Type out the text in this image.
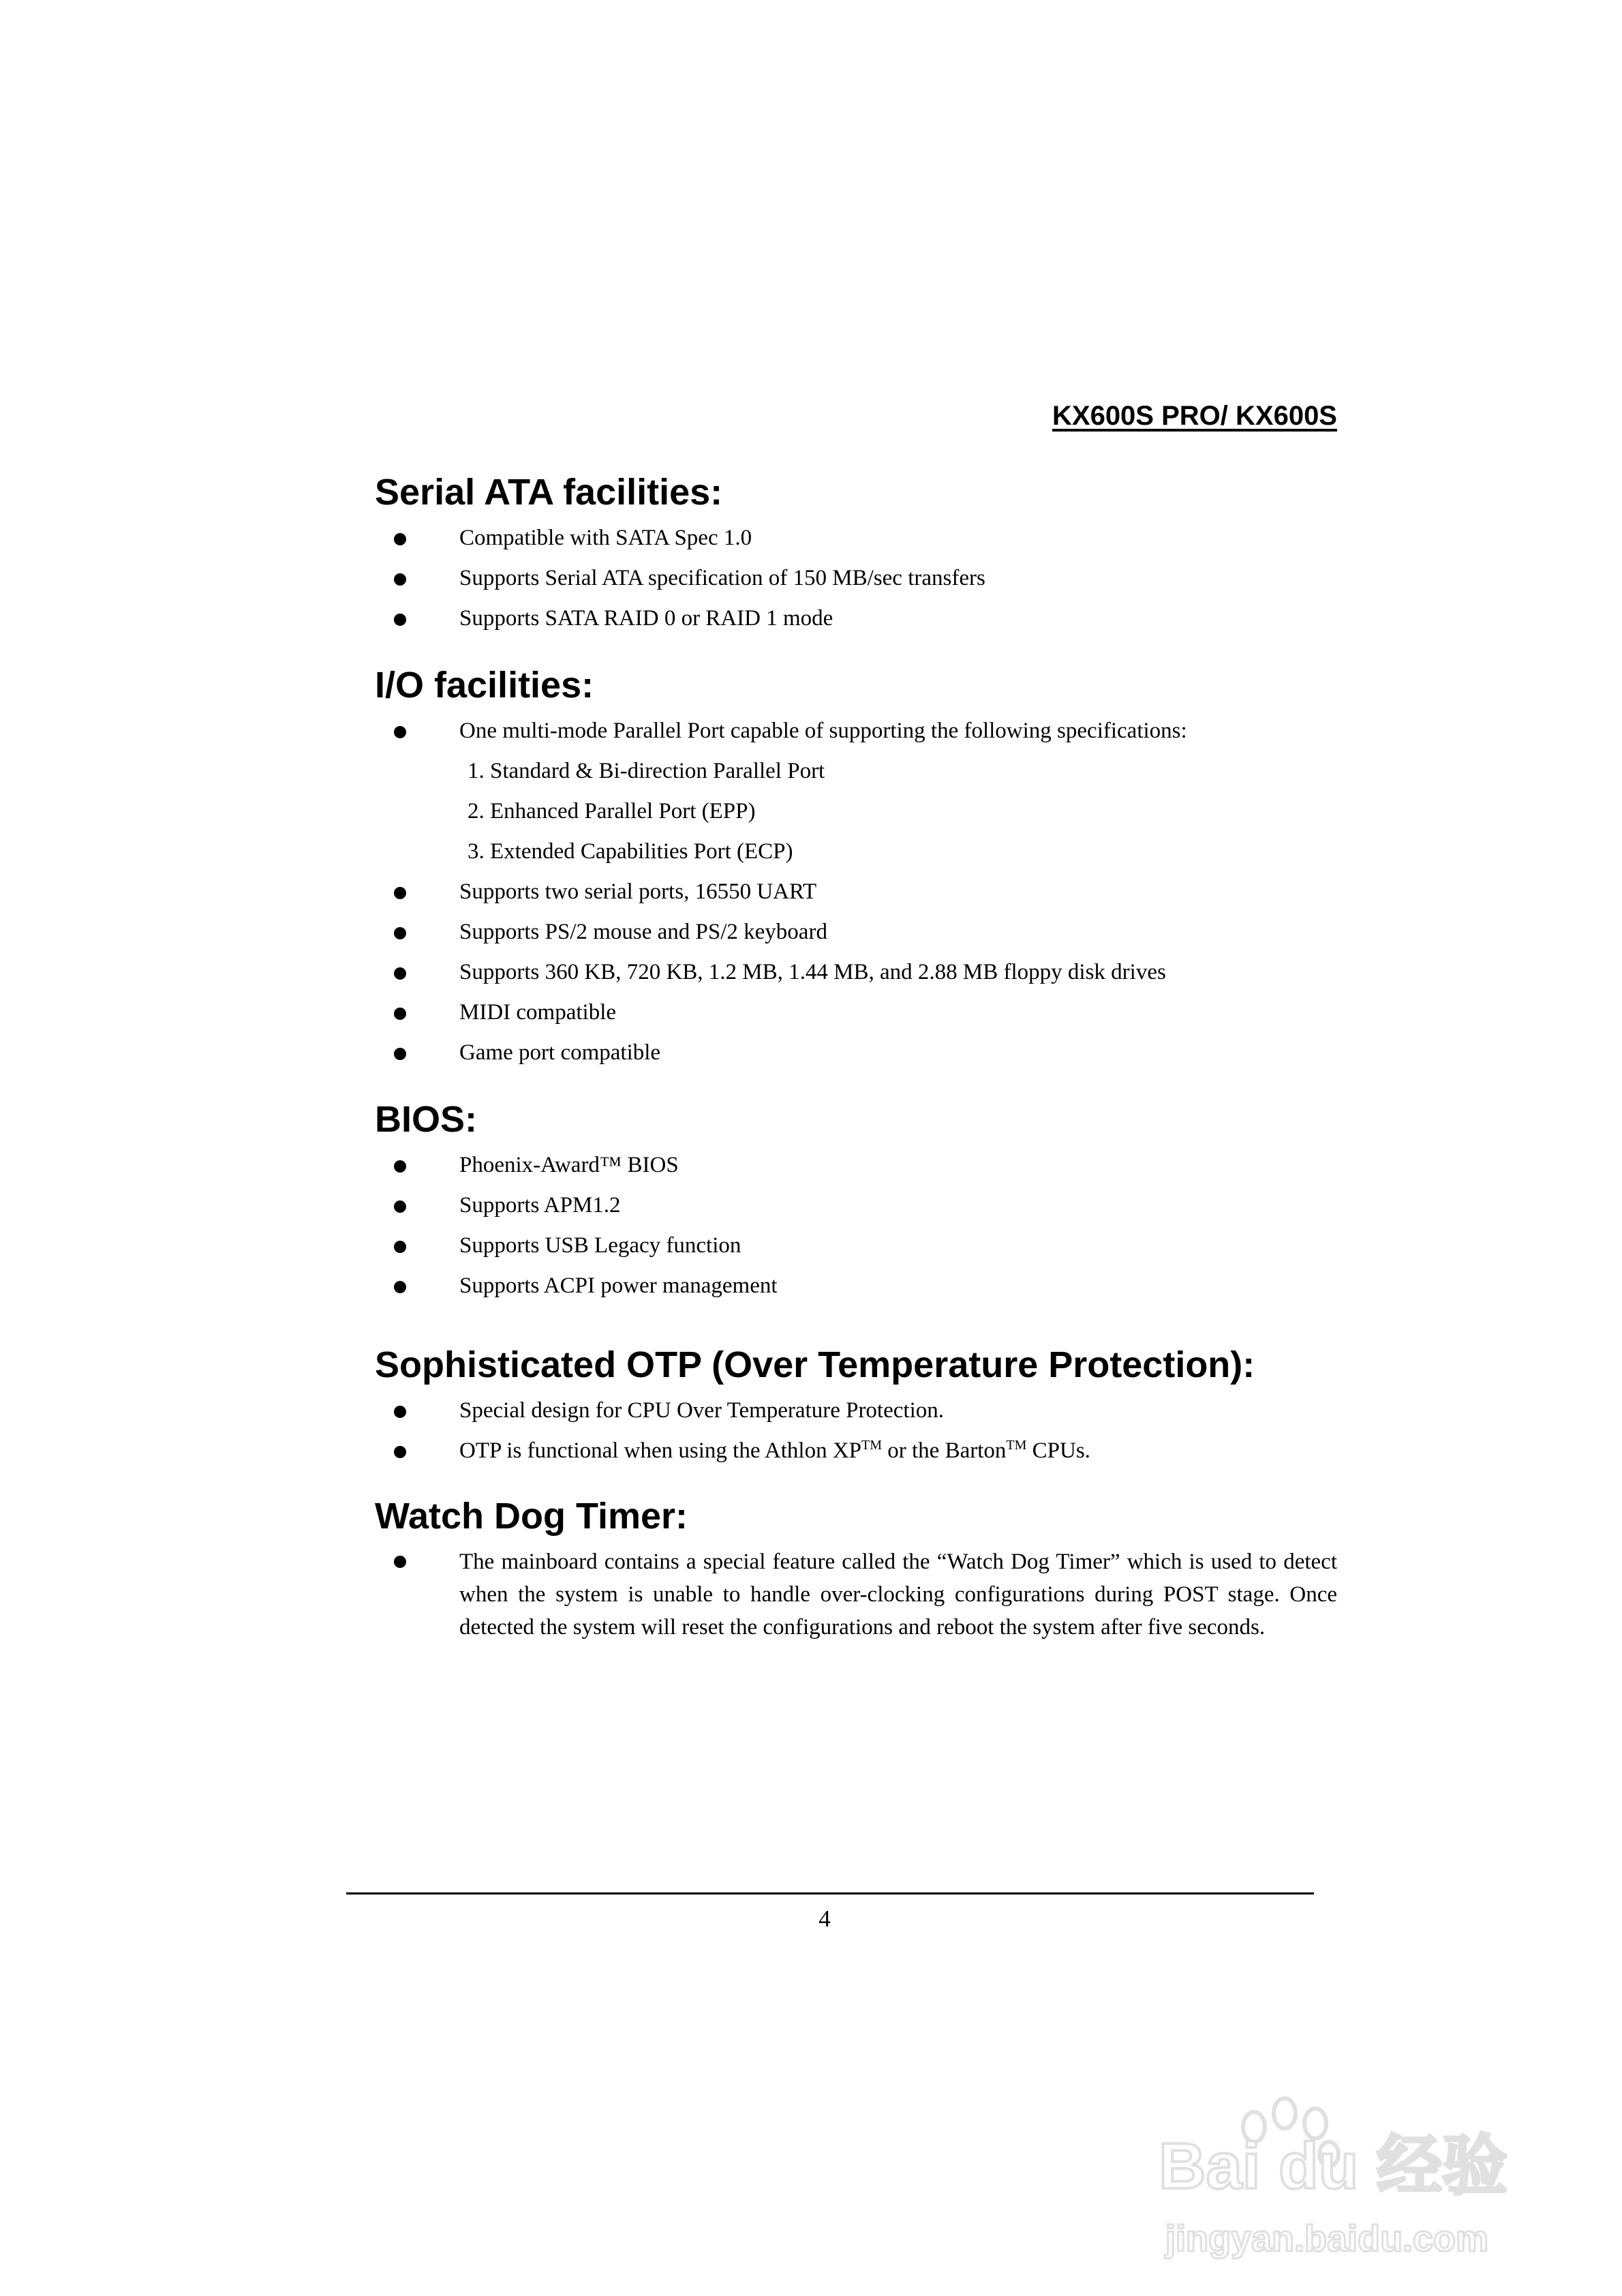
KX600S PRO/ KX600S
Serial ATA facilities:
Compatible with SATA Spec 1.0
Supports Serial ATA specification of 150 MB/sec transfers
Supports SATA RAID 0 or RAID 1 mode
I/O facilities:
One multi-mode Parallel Port capable of supporting the following specifications:
1. Standard & Bi-direction Parallel Port
2. Enhanced Parallel Port (EPP)
3. Extended Capabilities Port (ECP)
Supports two serial ports, 16550 UART
Supports PS/2 mouse and PS/2 keyboard
Supports 360 KB, 720 KB, 1.2 MB, 1.44 MB, and 2.88 MB floppy disk drives
MIDI compatible
Game port compatible
BIOS:
Phoenix-Award™ BIOS
Supports APM1.2
Supports USB Legacy function
Supports ACPI power management
Sophisticated OTP (Over Temperature Protection):
Special design for CPU Over Temperature Protection.
OTP is functional when using the Athlon XP™ or the Barton™ CPUs.
Watch Dog Timer:
The mainboard contains a special feature called the “Watch Dog Timer” which is used to detect when the system is unable to handle over-clocking configurations during POST stage. Once detected the system will reset the configurations and reboot the system after five seconds.
4
Bai du 经验
jingyan.baidu.com
